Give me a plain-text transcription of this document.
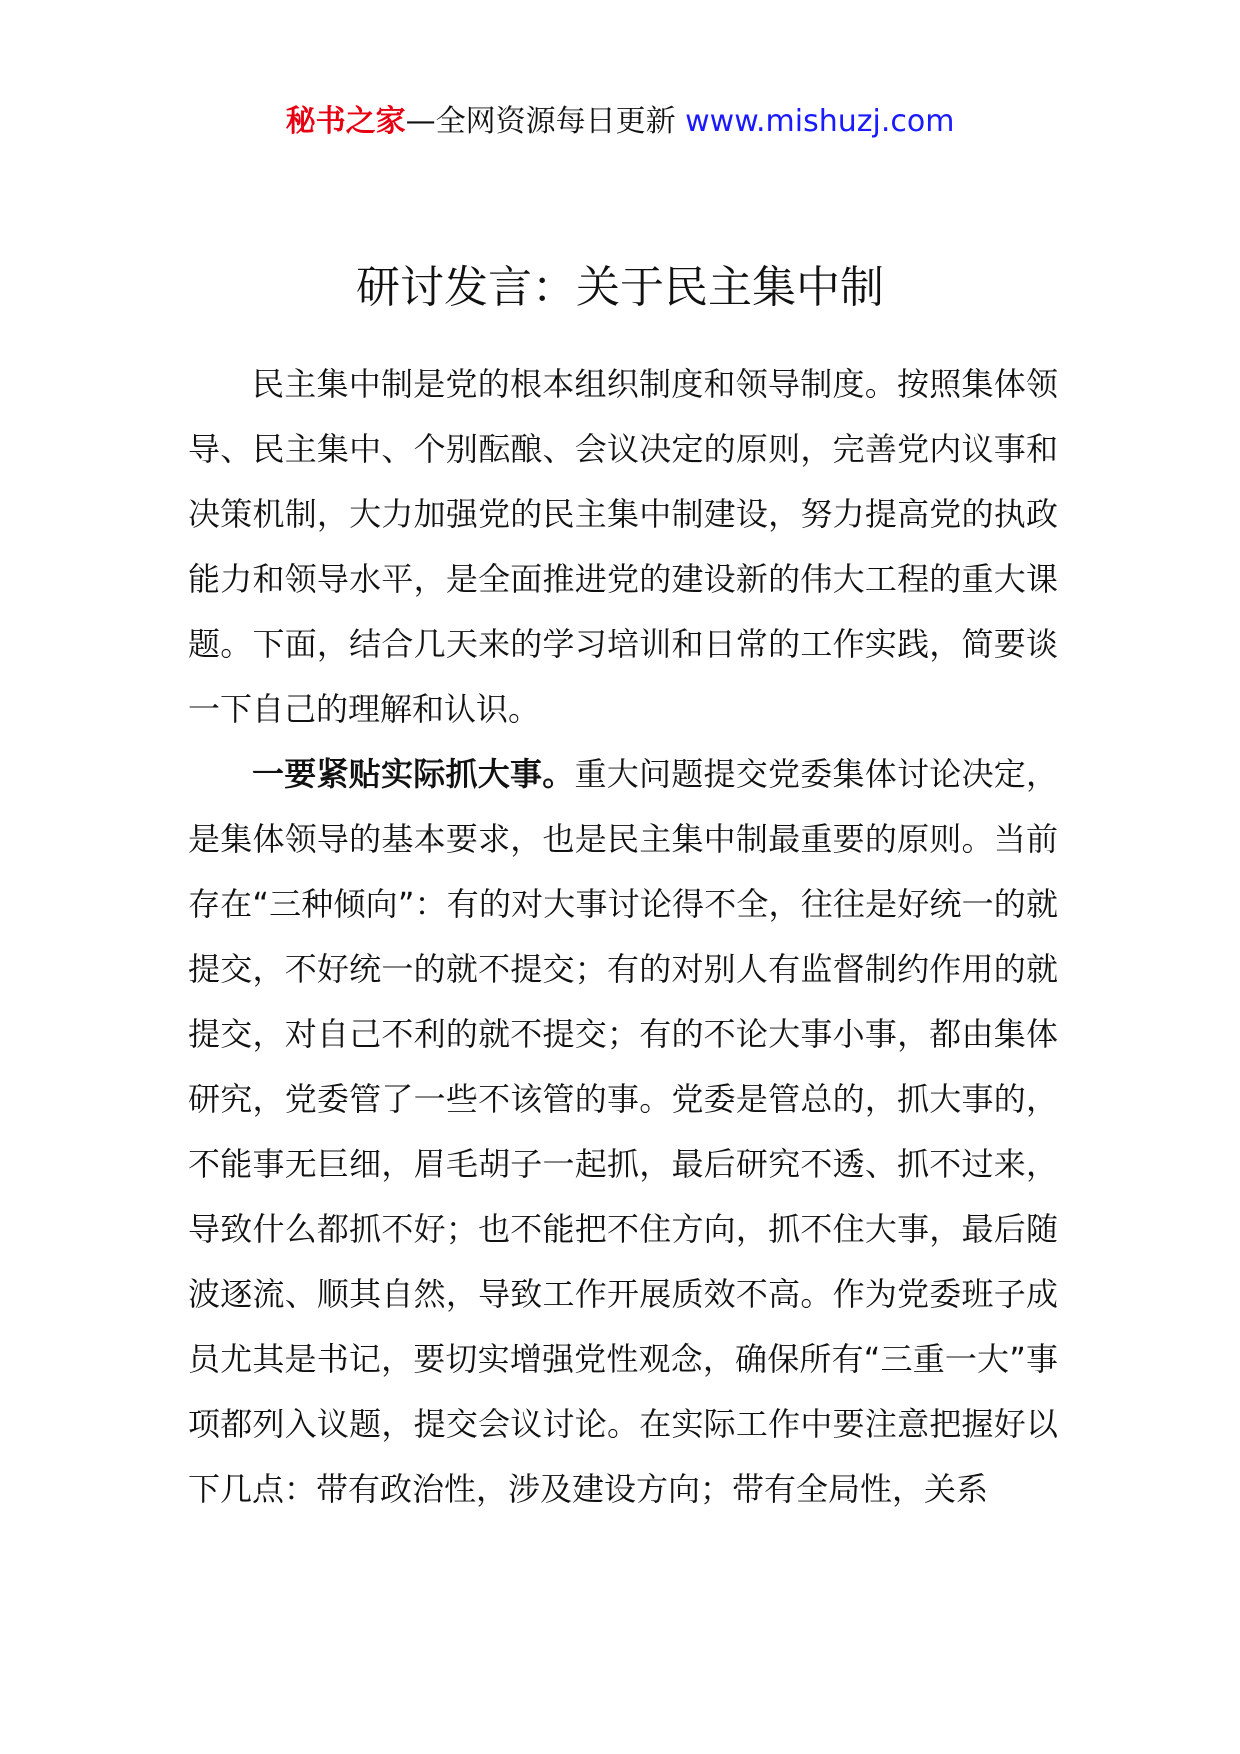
秘书之家—全网资源每日更新 www.mishuzj.com
研讨发言：关于民主集中制

民主集中制是党的根本组织制度和领导制度。按照集体领导、民主集中、个别酝酿、会议决定的原则，完善党内议事和决策机制，大力加强党的民主集中制建设，努力提高党的执政能力和领导水平，是全面推进党的建设新的伟大工程的重大课题。下面，结合几天来的学习培训和日常的工作实践，简要谈一下自己的理解和认识。

一要紧贴实际抓大事。重大问题提交党委集体讨论决定，是集体领导的基本要求，也是民主集中制最重要的原则。当前存在“三种倾向”：有的对大事讨论得不全，往往是好统一的就提交，不好统一的就不提交；有的对别人有监督制约作用的就提交，对自己不利的就不提交；有的不论大事小事，都由集体研究，党委管了一些不该管的事。党委是管总的，抓大事的，不能事无巨细，眉毛胡子一起抓，最后研究不透、抓不过来，导致什么都抓不好；也不能把不住方向，抓不住大事，最后随波逐流、顺其自然，导致工作开展质效不高。作为党委班子成员尤其是书记，要切实增强党性观念，确保所有“三重一大”事项都列入议题，提交会议讨论。在实际工作中要注意把握好以下几点：带有政治性，涉及建设方向；带有全局性，关系
